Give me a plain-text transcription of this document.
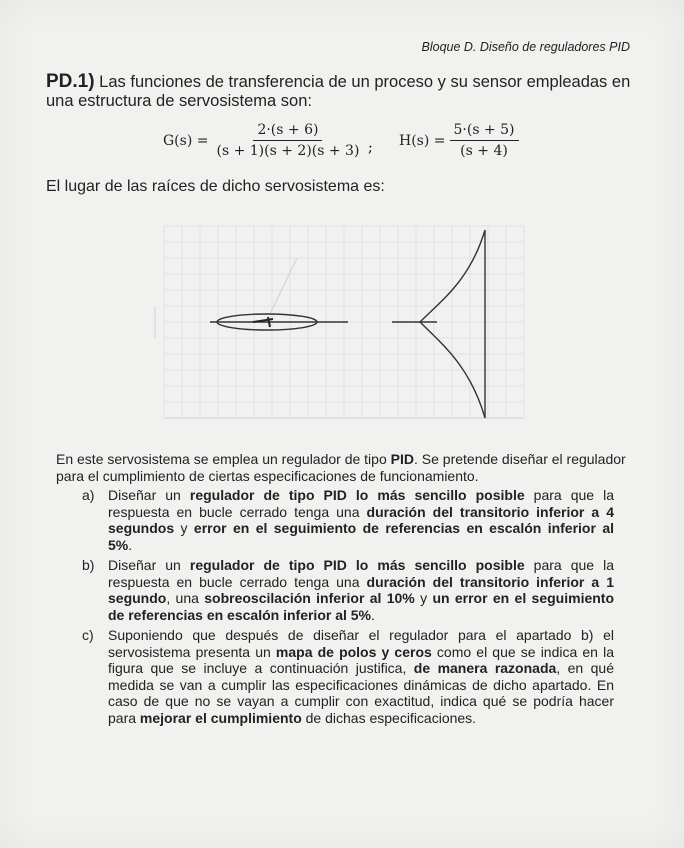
Bloque D. Diseño de reguladores PID
PD.1) Las funciones de transferencia de un proceso y su sensor empleadas en una estructura de servosistema son:
$G(s) = \frac{2\cdot(s + 6)}{(s + 1)(s + 2)(s + 3)}$ ; $H(s) = \frac{5\cdot(s + 5)}{(s + 4)}$
El lugar de las raíces de dicho servosistema es:
En este servosistema se emplea un regulador de tipo PID. Se pretende diseñar el regulador para el cumplimiento de ciertas especificaciones de funcionamiento.
a) Diseñar un regulador de tipo PID lo más sencillo posible para que la respuesta en bucle cerrado tenga una duración del transitorio inferior a 4 segundos y error en el seguimiento de referencias en escalón inferior al 5%.
b) Diseñar un regulador de tipo PID lo más sencillo posible para que la respuesta en bucle cerrado tenga una duración del transitorio inferior a 1 segundo, una sobreoscilación inferior al 10% y un error en el seguimiento de referencias en escalón inferior al 5%.
c)	Suponiendo que después de diseñar el regulador para el apartado b) el servosistema presenta un mapa de polos y ceros como el que se indica en la figura que se incluye a continuación justifica, de manera razonada, en qué medida se van a cumplir las especificaciones dinámicas de dicho apartado. En caso de que no se vayan a cumplir con exactitud, indica qué se podría hacer para mejorar el cumplimiento de dichas especificaciones.
